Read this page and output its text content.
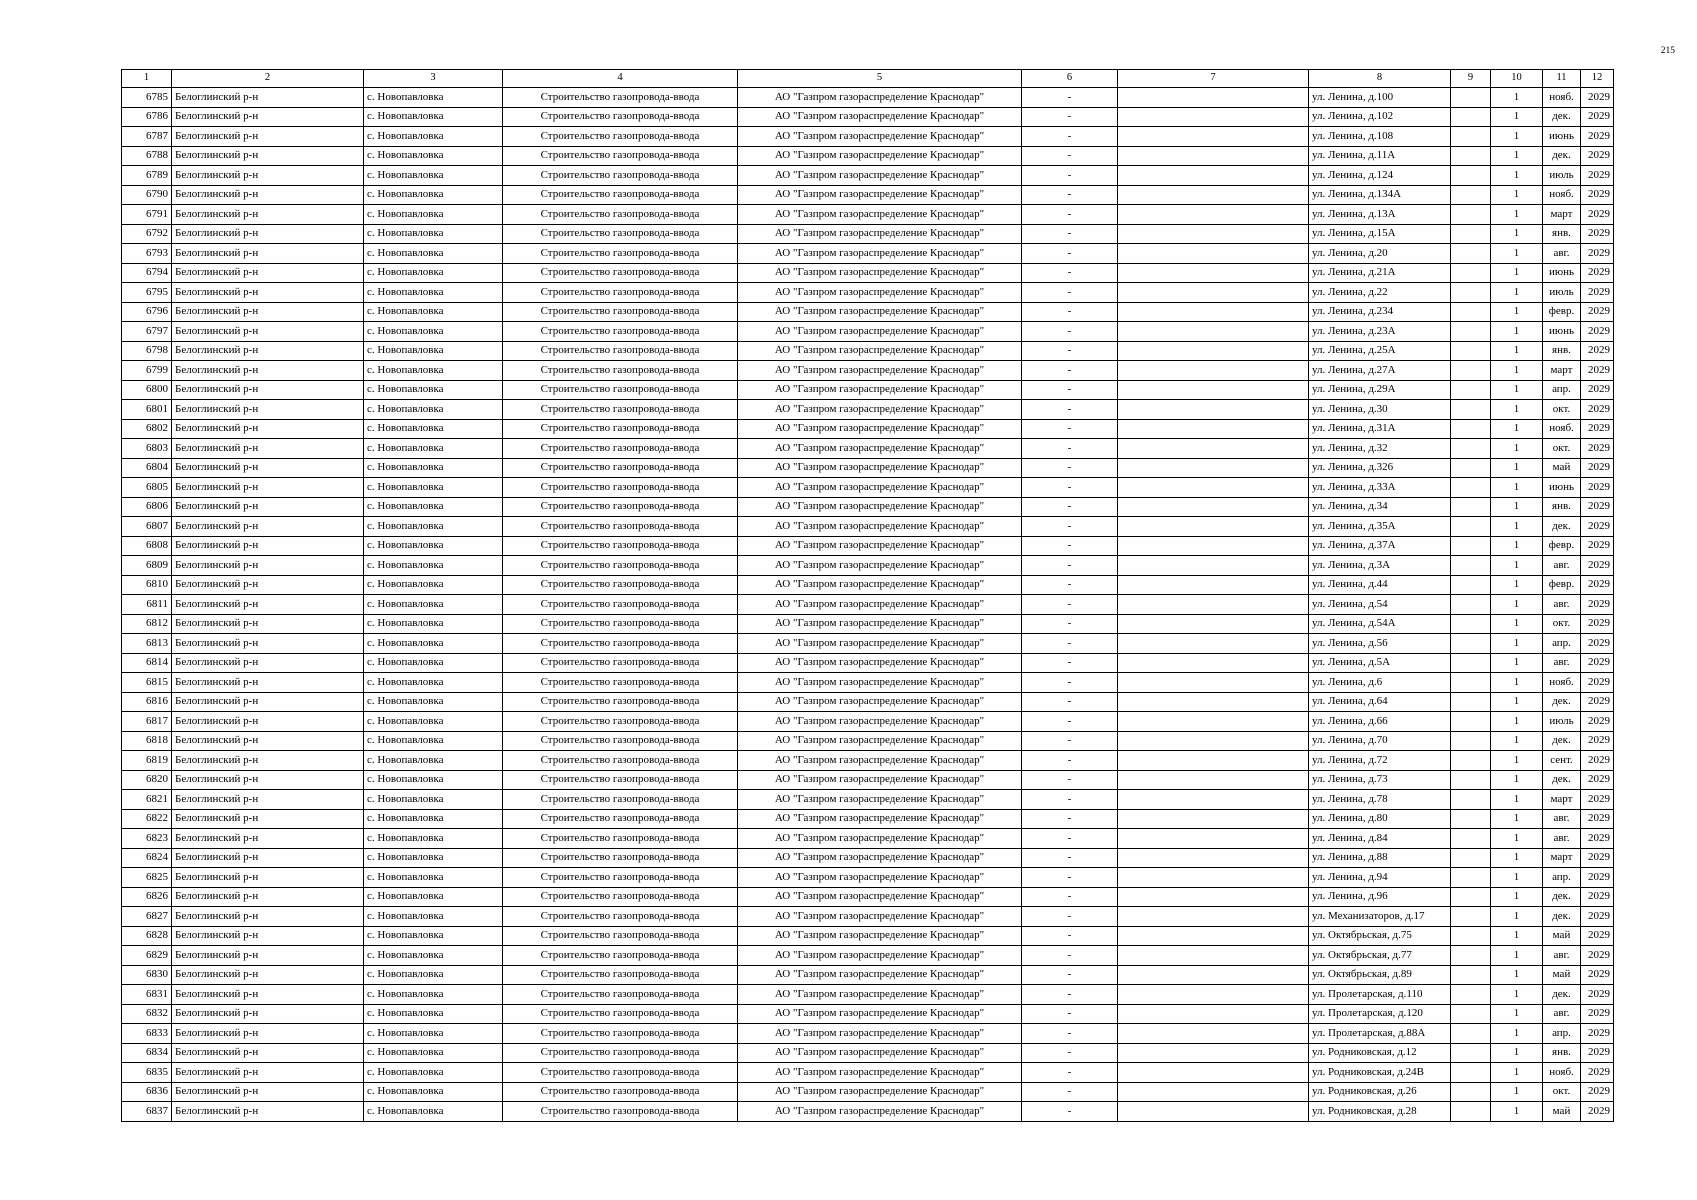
215
1	2	3	4	5	6	7	8	9	10	11	12
6785	Белоглинский р-н	с. Новопавловка	Строительство газопровода-ввода	АО "Газпром газораспределение Краснодар"	-		ул. Ленина, д.100		1	нояб.	2029
6786	Белоглинский р-н	с. Новопавловка	Строительство газопровода-ввода	АО "Газпром газораспределение Краснодар"	-		ул. Ленина, д.102		1	дек.	2029
6787	Белоглинский р-н	с. Новопавловка	Строительство газопровода-ввода	АО "Газпром газораспределение Краснодар"	-		ул. Ленина, д.108		1	июнь	2029
6788	Белоглинский р-н	с. Новопавловка	Строительство газопровода-ввода	АО "Газпром газораспределение Краснодар"	-		ул. Ленина, д.11А		1	дек.	2029
6789	Белоглинский р-н	с. Новопавловка	Строительство газопровода-ввода	АО "Газпром газораспределение Краснодар"	-		ул. Ленина, д.124		1	июль	2029
6790	Белоглинский р-н	с. Новопавловка	Строительство газопровода-ввода	АО "Газпром газораспределение Краснодар"	-		ул. Ленина, д.134А		1	нояб.	2029
6791	Белоглинский р-н	с. Новопавловка	Строительство газопровода-ввода	АО "Газпром газораспределение Краснодар"	-		ул. Ленина, д.13А		1	март	2029
6792	Белоглинский р-н	с. Новопавловка	Строительство газопровода-ввода	АО "Газпром газораспределение Краснодар"	-		ул. Ленина, д.15А		1	янв.	2029
6793	Белоглинский р-н	с. Новопавловка	Строительство газопровода-ввода	АО "Газпром газораспределение Краснодар"	-		ул. Ленина, д.20		1	авг.	2029
6794	Белоглинский р-н	с. Новопавловка	Строительство газопровода-ввода	АО "Газпром газораспределение Краснодар"	-		ул. Ленина, д.21А		1	июнь	2029
6795	Белоглинский р-н	с. Новопавловка	Строительство газопровода-ввода	АО "Газпром газораспределение Краснодар"	-		ул. Ленина, д.22		1	июль	2029
6796	Белоглинский р-н	с. Новопавловка	Строительство газопровода-ввода	АО "Газпром газораспределение Краснодар"	-		ул. Ленина, д.234		1	февр.	2029
6797	Белоглинский р-н	с. Новопавловка	Строительство газопровода-ввода	АО "Газпром газораспределение Краснодар"	-		ул. Ленина, д.23А		1	июнь	2029
6798	Белоглинский р-н	с. Новопавловка	Строительство газопровода-ввода	АО "Газпром газораспределение Краснодар"	-		ул. Ленина, д.25А		1	янв.	2029
6799	Белоглинский р-н	с. Новопавловка	Строительство газопровода-ввода	АО "Газпром газораспределение Краснодар"	-		ул. Ленина, д.27А		1	март	2029
6800	Белоглинский р-н	с. Новопавловка	Строительство газопровода-ввода	АО "Газпром газораспределение Краснодар"	-		ул. Ленина, д.29А		1	апр.	2029
6801	Белоглинский р-н	с. Новопавловка	Строительство газопровода-ввода	АО "Газпром газораспределение Краснодар"	-		ул. Ленина, д.30		1	окт.	2029
6802	Белоглинский р-н	с. Новопавловка	Строительство газопровода-ввода	АО "Газпром газораспределение Краснодар"	-		ул. Ленина, д.31А		1	нояб.	2029
6803	Белоглинский р-н	с. Новопавловка	Строительство газопровода-ввода	АО "Газпром газораспределение Краснодар"	-		ул. Ленина, д.32		1	окт.	2029
6804	Белоглинский р-н	с. Новопавловка	Строительство газопровода-ввода	АО "Газпром газораспределение Краснодар"	-		ул. Ленина, д.326		1	май	2029
6805	Белоглинский р-н	с. Новопавловка	Строительство газопровода-ввода	АО "Газпром газораспределение Краснодар"	-		ул. Ленина, д.33А		1	июнь	2029
6806	Белоглинский р-н	с. Новопавловка	Строительство газопровода-ввода	АО "Газпром газораспределение Краснодар"	-		ул. Ленина, д.34		1	янв.	2029
6807	Белоглинский р-н	с. Новопавловка	Строительство газопровода-ввода	АО "Газпром газораспределение Краснодар"	-		ул. Ленина, д.35А		1	дек.	2029
6808	Белоглинский р-н	с. Новопавловка	Строительство газопровода-ввода	АО "Газпром газораспределение Краснодар"	-		ул. Ленина, д.37А		1	февр.	2029
6809	Белоглинский р-н	с. Новопавловка	Строительство газопровода-ввода	АО "Газпром газораспределение Краснодар"	-		ул. Ленина, д.3А		1	авг.	2029
6810	Белоглинский р-н	с. Новопавловка	Строительство газопровода-ввода	АО "Газпром газораспределение Краснодар"	-		ул. Ленина, д.44		1	февр.	2029
6811	Белоглинский р-н	с. Новопавловка	Строительство газопровода-ввода	АО "Газпром газораспределение Краснодар"	-		ул. Ленина, д.54		1	авг.	2029
6812	Белоглинский р-н	с. Новопавловка	Строительство газопровода-ввода	АО "Газпром газораспределение Краснодар"	-		ул. Ленина, д.54А		1	окт.	2029
6813	Белоглинский р-н	с. Новопавловка	Строительство газопровода-ввода	АО "Газпром газораспределение Краснодар"	-		ул. Ленина, д.56		1	апр.	2029
6814	Белоглинский р-н	с. Новопавловка	Строительство газопровода-ввода	АО "Газпром газораспределение Краснодар"	-		ул. Ленина, д.5А		1	авг.	2029
6815	Белоглинский р-н	с. Новопавловка	Строительство газопровода-ввода	АО "Газпром газораспределение Краснодар"	-		ул. Ленина, д.6		1	нояб.	2029
6816	Белоглинский р-н	с. Новопавловка	Строительство газопровода-ввода	АО "Газпром газораспределение Краснодар"	-		ул. Ленина, д.64		1	дек.	2029
6817	Белоглинский р-н	с. Новопавловка	Строительство газопровода-ввода	АО "Газпром газораспределение Краснодар"	-		ул. Ленина, д.66		1	июль	2029
6818	Белоглинский р-н	с. Новопавловка	Строительство газопровода-ввода	АО "Газпром газораспределение Краснодар"	-		ул. Ленина, д.70		1	дек.	2029
6819	Белоглинский р-н	с. Новопавловка	Строительство газопровода-ввода	АО "Газпром газораспределение Краснодар"	-		ул. Ленина, д.72		1	сент.	2029
6820	Белоглинский р-н	с. Новопавловка	Строительство газопровода-ввода	АО "Газпром газораспределение Краснодар"	-		ул. Ленина, д.73		1	дек.	2029
6821	Белоглинский р-н	с. Новопавловка	Строительство газопровода-ввода	АО "Газпром газораспределение Краснодар"	-		ул. Ленина, д.78		1	март	2029
6822	Белоглинский р-н	с. Новопавловка	Строительство газопровода-ввода	АО "Газпром газораспределение Краснодар"	-		ул. Ленина, д.80		1	авг.	2029
6823	Белоглинский р-н	с. Новопавловка	Строительство газопровода-ввода	АО "Газпром газораспределение Краснодар"	-		ул. Ленина, д.84		1	авг.	2029
6824	Белоглинский р-н	с. Новопавловка	Строительство газопровода-ввода	АО "Газпром газораспределение Краснодар"	-		ул. Ленина, д.88		1	март	2029
6825	Белоглинский р-н	с. Новопавловка	Строительство газопровода-ввода	АО "Газпром газораспределение Краснодар"	-		ул. Ленина, д.94		1	апр.	2029
6826	Белоглинский р-н	с. Новопавловка	Строительство газопровода-ввода	АО "Газпром газораспределение Краснодар"	-		ул. Ленина, д.96		1	дек.	2029
6827	Белоглинский р-н	с. Новопавловка	Строительство газопровода-ввода	АО "Газпром газораспределение Краснодар"	-		ул. Механизаторов, д.17		1	дек.	2029
6828	Белоглинский р-н	с. Новопавловка	Строительство газопровода-ввода	АО "Газпром газораспределение Краснодар"	-		ул. Октябрьская, д.75		1	май	2029
6829	Белоглинский р-н	с. Новопавловка	Строительство газопровода-ввода	АО "Газпром газораспределение Краснодар"	-		ул. Октябрьская, д.77		1	авг.	2029
6830	Белоглинский р-н	с. Новопавловка	Строительство газопровода-ввода	АО "Газпром газораспределение Краснодар"	-		ул. Октябрьская, д.89		1	май	2029
6831	Белоглинский р-н	с. Новопавловка	Строительство газопровода-ввода	АО "Газпром газораспределение Краснодар"	-		ул. Пролетарская, д.110		1	дек.	2029
6832	Белоглинский р-н	с. Новопавловка	Строительство газопровода-ввода	АО "Газпром газораспределение Краснодар"	-		ул. Пролетарская, д.120		1	авг.	2029
6833	Белоглинский р-н	с. Новопавловка	Строительство газопровода-ввода	АО "Газпром газораспределение Краснодар"	-		ул. Пролетарская, д.88А		1	апр.	2029
6834	Белоглинский р-н	с. Новопавловка	Строительство газопровода-ввода	АО "Газпром газораспределение Краснодар"	-		ул. Родниковская, д.12		1	янв.	2029
6835	Белоглинский р-н	с. Новопавловка	Строительство газопровода-ввода	АО "Газпром газораспределение Краснодар"	-		ул. Родниковская, д.24В		1	нояб.	2029
6836	Белоглинский р-н	с. Новопавловка	Строительство газопровода-ввода	АО "Газпром газораспределение Краснодар"	-		ул. Родниковская, д.26		1	окт.	2029
6837	Белоглинский р-н	с. Новопавловка	Строительство газопровода-ввода	АО "Газпром газораспределение Краснодар"	-		ул. Родниковская, д.28		1	май	2029
